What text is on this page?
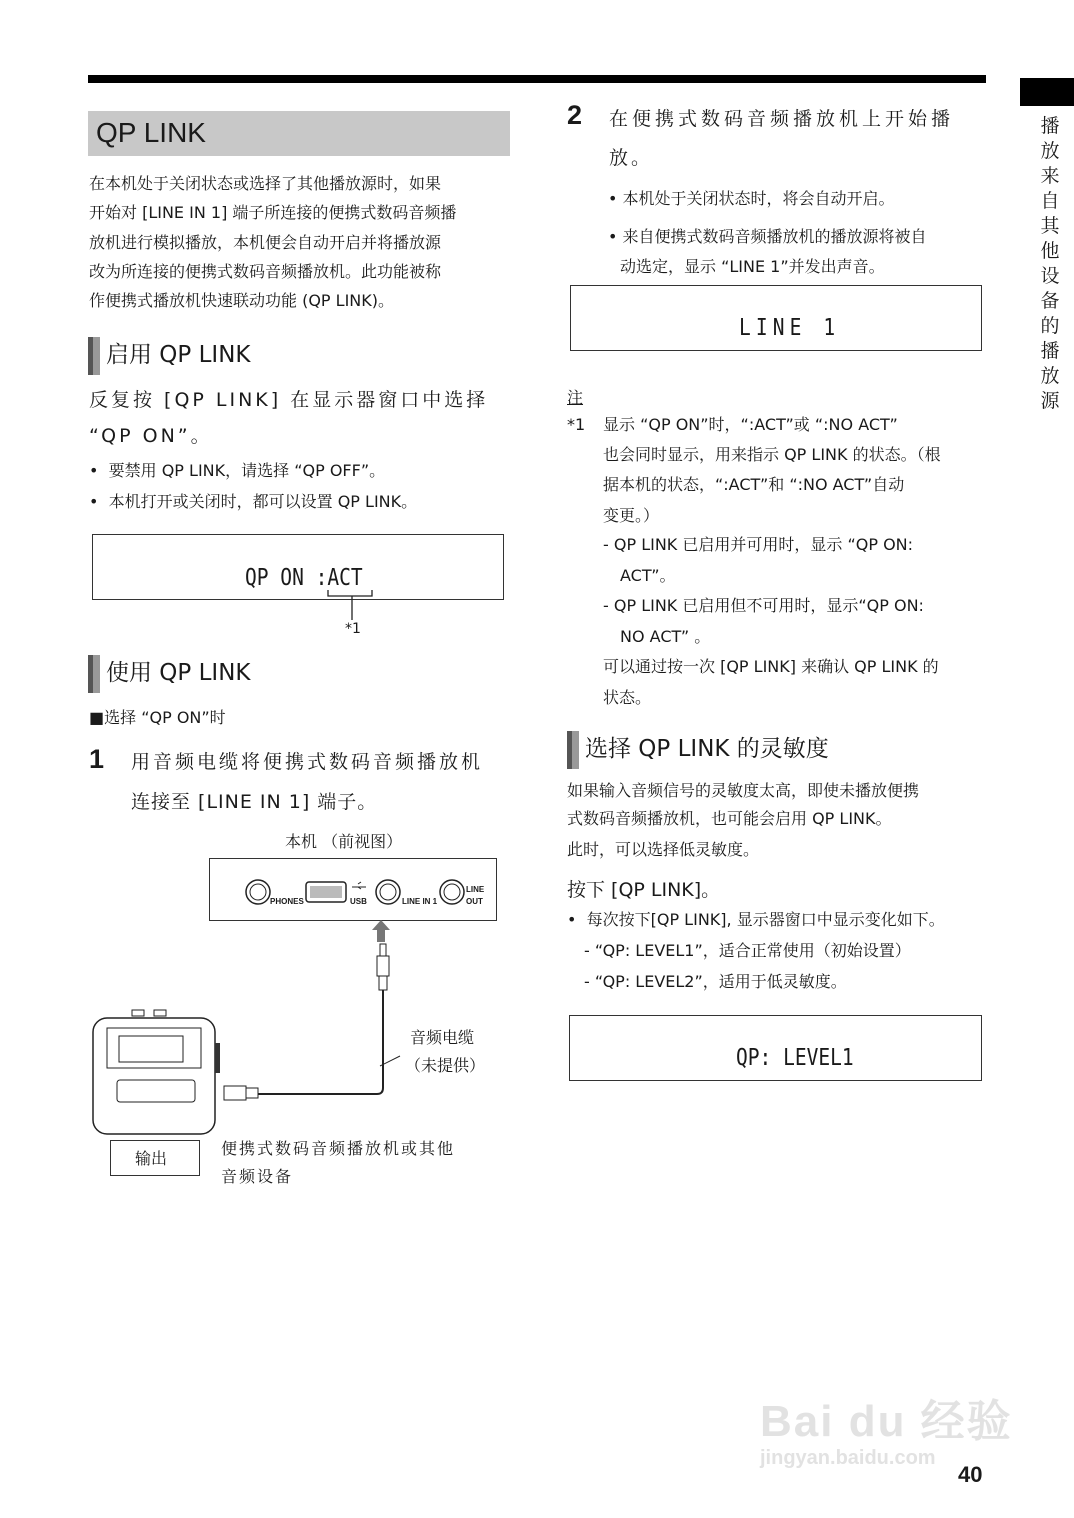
播放来自其他设备的播放源
QP LINK
在本机处于关闭状态或选择了其他播放源时，如果
开始对 [LINE IN 1] 端子所连接的便携式数码音频播
放机进行模拟播放，本机便会自动开启并将播放源
改为所连接的便携式数码音频播放机。此功能被称
作便携式播放机快速联动功能 (QP LINK)。
启用 QP LINK
反复按 [QP LINK] 在显示器窗口中选择
“QP ON”。
•  要禁用 QP LINK，请选择 “QP OFF”。
•  本机打开或关闭时，都可以设置 QP LINK。
QP ON :ACT
*1
使用 QP LINK
■选择 “QP ON”时
1 用音频电缆将便携式数码音频播放机
连接至 [LINE IN 1] 端子。
本机 （前视图）
PHONES	USB	LINE IN 1
LINE
OUT
音频电缆
（未提供）
输出
便携式数码音频播放机或其他
音频设备
2 在便携式数码音频播放机上开始播
放。
• 本机处于关闭状态时，将会自动开启。
• 来自便携式数码音频播放机的播放源将被自
动选定，显示 “LINE 1”并发出声音。
LINE 1
注
*1 显示 “QP ON”时，“:ACT”或 “:NO ACT”
也会同时显示，用来指示 QP LINK 的状态。（根
据本机的状态，“:ACT”和 “:NO ACT”自动
变更。）
- QP LINK 已启用并可用时，显示 “QP ON:
ACT”。
- QP LINK 已启用但不可用时，显示“QP ON:
NO ACT” 。
可以通过按一次 [QP LINK] 来确认 QP LINK 的
状态。
选择 QP LINK 的灵敏度
如果输入音频信号的灵敏度太高，即使未播放便携
式数码音频播放机，也可能会启用 QP LINK。
此时，可以选择低灵敏度。
按下 [QP LINK]。
•  每次按下[QP LINK], 显示器窗口中显示变化如下。
- “QP: LEVEL1”，适合正常使用（初始设置）
- “QP: LEVEL2”，适用于低灵敏度。
QP: LEVEL1
Bai du 经验
jingyan.baidu.com
40
